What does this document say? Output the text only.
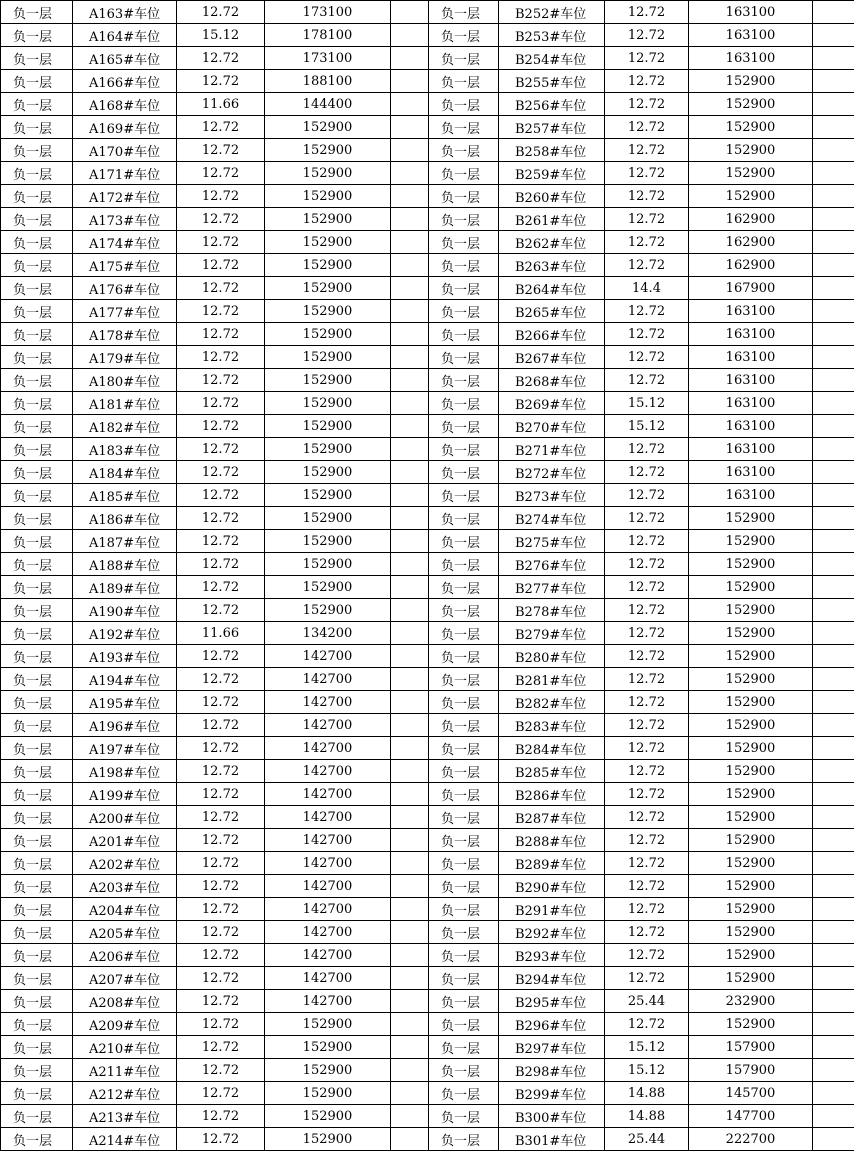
负一层	A163#车位	12.72	173100		负一层	B252#车位	12.72	163100	
负一层	A164#车位	15.12	178100		负一层	B253#车位	12.72	163100	
负一层	A165#车位	12.72	173100		负一层	B254#车位	12.72	163100	
负一层	A166#车位	12.72	188100		负一层	B255#车位	12.72	152900	
负一层	A168#车位	11.66	144400		负一层	B256#车位	12.72	152900	
负一层	A169#车位	12.72	152900		负一层	B257#车位	12.72	152900	
负一层	A170#车位	12.72	152900		负一层	B258#车位	12.72	152900	
负一层	A171#车位	12.72	152900		负一层	B259#车位	12.72	152900	
负一层	A172#车位	12.72	152900		负一层	B260#车位	12.72	152900	
负一层	A173#车位	12.72	152900		负一层	B261#车位	12.72	162900	
负一层	A174#车位	12.72	152900		负一层	B262#车位	12.72	162900	
负一层	A175#车位	12.72	152900		负一层	B263#车位	12.72	162900	
负一层	A176#车位	12.72	152900		负一层	B264#车位	14.4	167900	
负一层	A177#车位	12.72	152900		负一层	B265#车位	12.72	163100	
负一层	A178#车位	12.72	152900		负一层	B266#车位	12.72	163100	
负一层	A179#车位	12.72	152900		负一层	B267#车位	12.72	163100	
负一层	A180#车位	12.72	152900		负一层	B268#车位	12.72	163100	
负一层	A181#车位	12.72	152900		负一层	B269#车位	15.12	163100	
负一层	A182#车位	12.72	152900		负一层	B270#车位	15.12	163100	
负一层	A183#车位	12.72	152900		负一层	B271#车位	12.72	163100	
负一层	A184#车位	12.72	152900		负一层	B272#车位	12.72	163100	
负一层	A185#车位	12.72	152900		负一层	B273#车位	12.72	163100	
负一层	A186#车位	12.72	152900		负一层	B274#车位	12.72	152900	
负一层	A187#车位	12.72	152900		负一层	B275#车位	12.72	152900	
负一层	A188#车位	12.72	152900		负一层	B276#车位	12.72	152900	
负一层	A189#车位	12.72	152900		负一层	B277#车位	12.72	152900	
负一层	A190#车位	12.72	152900		负一层	B278#车位	12.72	152900	
负一层	A192#车位	11.66	134200		负一层	B279#车位	12.72	152900	
负一层	A193#车位	12.72	142700		负一层	B280#车位	12.72	152900	
负一层	A194#车位	12.72	142700		负一层	B281#车位	12.72	152900	
负一层	A195#车位	12.72	142700		负一层	B282#车位	12.72	152900	
负一层	A196#车位	12.72	142700		负一层	B283#车位	12.72	152900	
负一层	A197#车位	12.72	142700		负一层	B284#车位	12.72	152900	
负一层	A198#车位	12.72	142700		负一层	B285#车位	12.72	152900	
负一层	A199#车位	12.72	142700		负一层	B286#车位	12.72	152900	
负一层	A200#车位	12.72	142700		负一层	B287#车位	12.72	152900	
负一层	A201#车位	12.72	142700		负一层	B288#车位	12.72	152900	
负一层	A202#车位	12.72	142700		负一层	B289#车位	12.72	152900	
负一层	A203#车位	12.72	142700		负一层	B290#车位	12.72	152900	
负一层	A204#车位	12.72	142700		负一层	B291#车位	12.72	152900	
负一层	A205#车位	12.72	142700		负一层	B292#车位	12.72	152900	
负一层	A206#车位	12.72	142700		负一层	B293#车位	12.72	152900	
负一层	A207#车位	12.72	142700		负一层	B294#车位	12.72	152900	
负一层	A208#车位	12.72	142700		负一层	B295#车位	25.44	232900	
负一层	A209#车位	12.72	152900		负一层	B296#车位	12.72	152900	
负一层	A210#车位	12.72	152900		负一层	B297#车位	15.12	157900	
负一层	A211#车位	12.72	152900		负一层	B298#车位	15.12	157900	
负一层	A212#车位	12.72	152900		负一层	B299#车位	14.88	145700	
负一层	A213#车位	12.72	152900		负一层	B300#车位	14.88	147700	
负一层	A214#车位	12.72	152900		负一层	B301#车位	25.44	222700	
